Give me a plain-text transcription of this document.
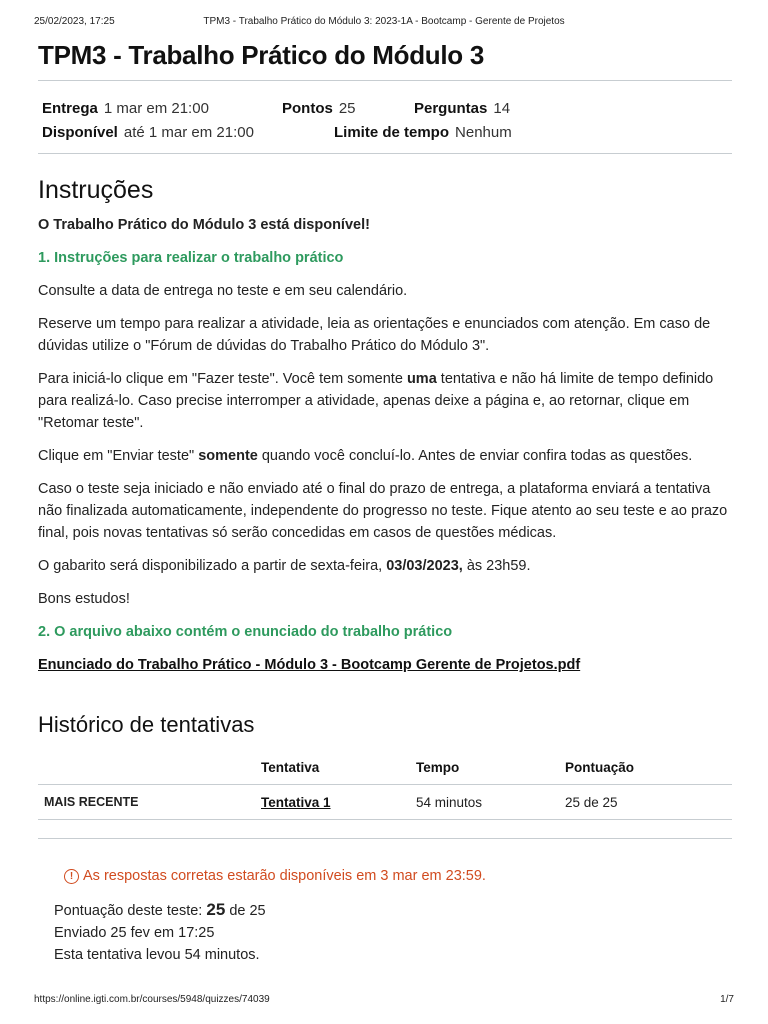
25/02/2023, 17:25	TPM3 - Trabalho Prático do Módulo 3: 2023-1A - Bootcamp - Gerente de Projetos
TPM3 - Trabalho Prático do Módulo 3
Entrega 1 mar em 21:00	Pontos 25	Perguntas 14
Disponível até 1 mar em 21:00	Limite de tempo Nenhum
Instruções

O Trabalho Prático do Módulo 3 está disponível!

1. Instruções para realizar o trabalho prático

Consulte a data de entrega no teste e em seu calendário.

Reserve um tempo para realizar a atividade, leia as orientações e enunciados com atenção. Em caso de dúvidas utilize o "Fórum de dúvidas do Trabalho Prático do Módulo 3".

Para iniciá-lo clique em "Fazer teste". Você tem somente uma tentativa e não há limite de tempo definido para realizá-lo. Caso precise interromper a atividade, apenas deixe a página e, ao retornar, clique em "Retomar teste".

Clique em "Enviar teste" somente quando você concluí-lo. Antes de enviar confira todas as questões.

Caso o teste seja iniciado e não enviado até o final do prazo de entrega, a plataforma enviará a tentativa não finalizada automaticamente, independente do progresso no teste. Fique atento ao seu teste e ao prazo final, pois novas tentativas só serão concedidas em casos de questões médicas.

O gabarito será disponibilizado a partir de sexta-feira, 03/03/2023, às 23h59.

Bons estudos!

2. O arquivo abaixo contém o enunciado do trabalho prático

Enunciado do Trabalho Prático - Módulo 3 - Bootcamp Gerente de Projetos.pdf

Histórico de tentativas
	Tentativa	Tempo	Pontuação
MAIS RECENTE	Tentativa 1	54 minutos	25 de 25
! As respostas corretas estarão disponíveis em 3 mar em 23:59.
Pontuação deste teste: 25 de 25
Enviado 25 fev em 17:25
Esta tentativa levou 54 minutos.
https://online.igti.com.br/courses/5948/quizzes/74039	1/7
